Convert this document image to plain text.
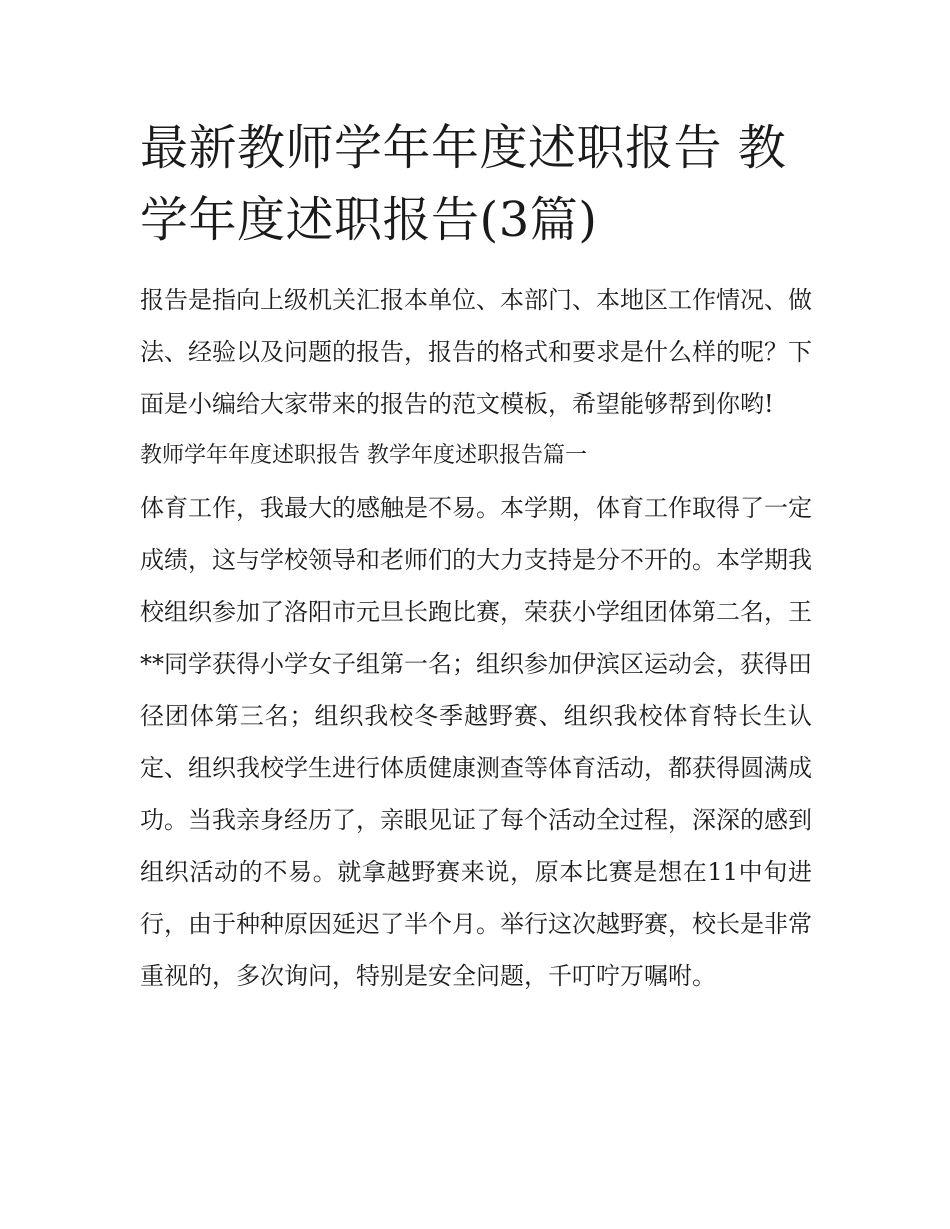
最新教师学年年度述职报告 教学年度述职报告(3篇)

报告是指向上级机关汇报本单位、本部门、本地区工作情况、做法、经验以及问题的报告，报告的格式和要求是什么样的呢？下面是小编给大家带来的报告的范文模板，希望能够帮到你哟!

教师学年年度述职报告 教学年度述职报告篇一

体育工作，我最大的感触是不易。本学期，体育工作取得了一定成绩，这与学校领导和老师们的大力支持是分不开的。本学期我校组织参加了洛阳市元旦长跑比赛，荣获小学组团体第二名，王**同学获得小学女子组第一名；组织参加伊滨区运动会，获得田径团体第三名；组织我校冬季越野赛、组织我校体育特长生认定、组织我校学生进行体质健康测查等体育活动，都获得圆满成功。当我亲身经历了，亲眼见证了每个活动全过程，深深的感到组织活动的不易。就拿越野赛来说，原本比赛是想在11中旬进行，由于种种原因延迟了半个月。举行这次越野赛，校长是非常重视的，多次询问，特别是安全问题，千叮咛万嘱咐。
